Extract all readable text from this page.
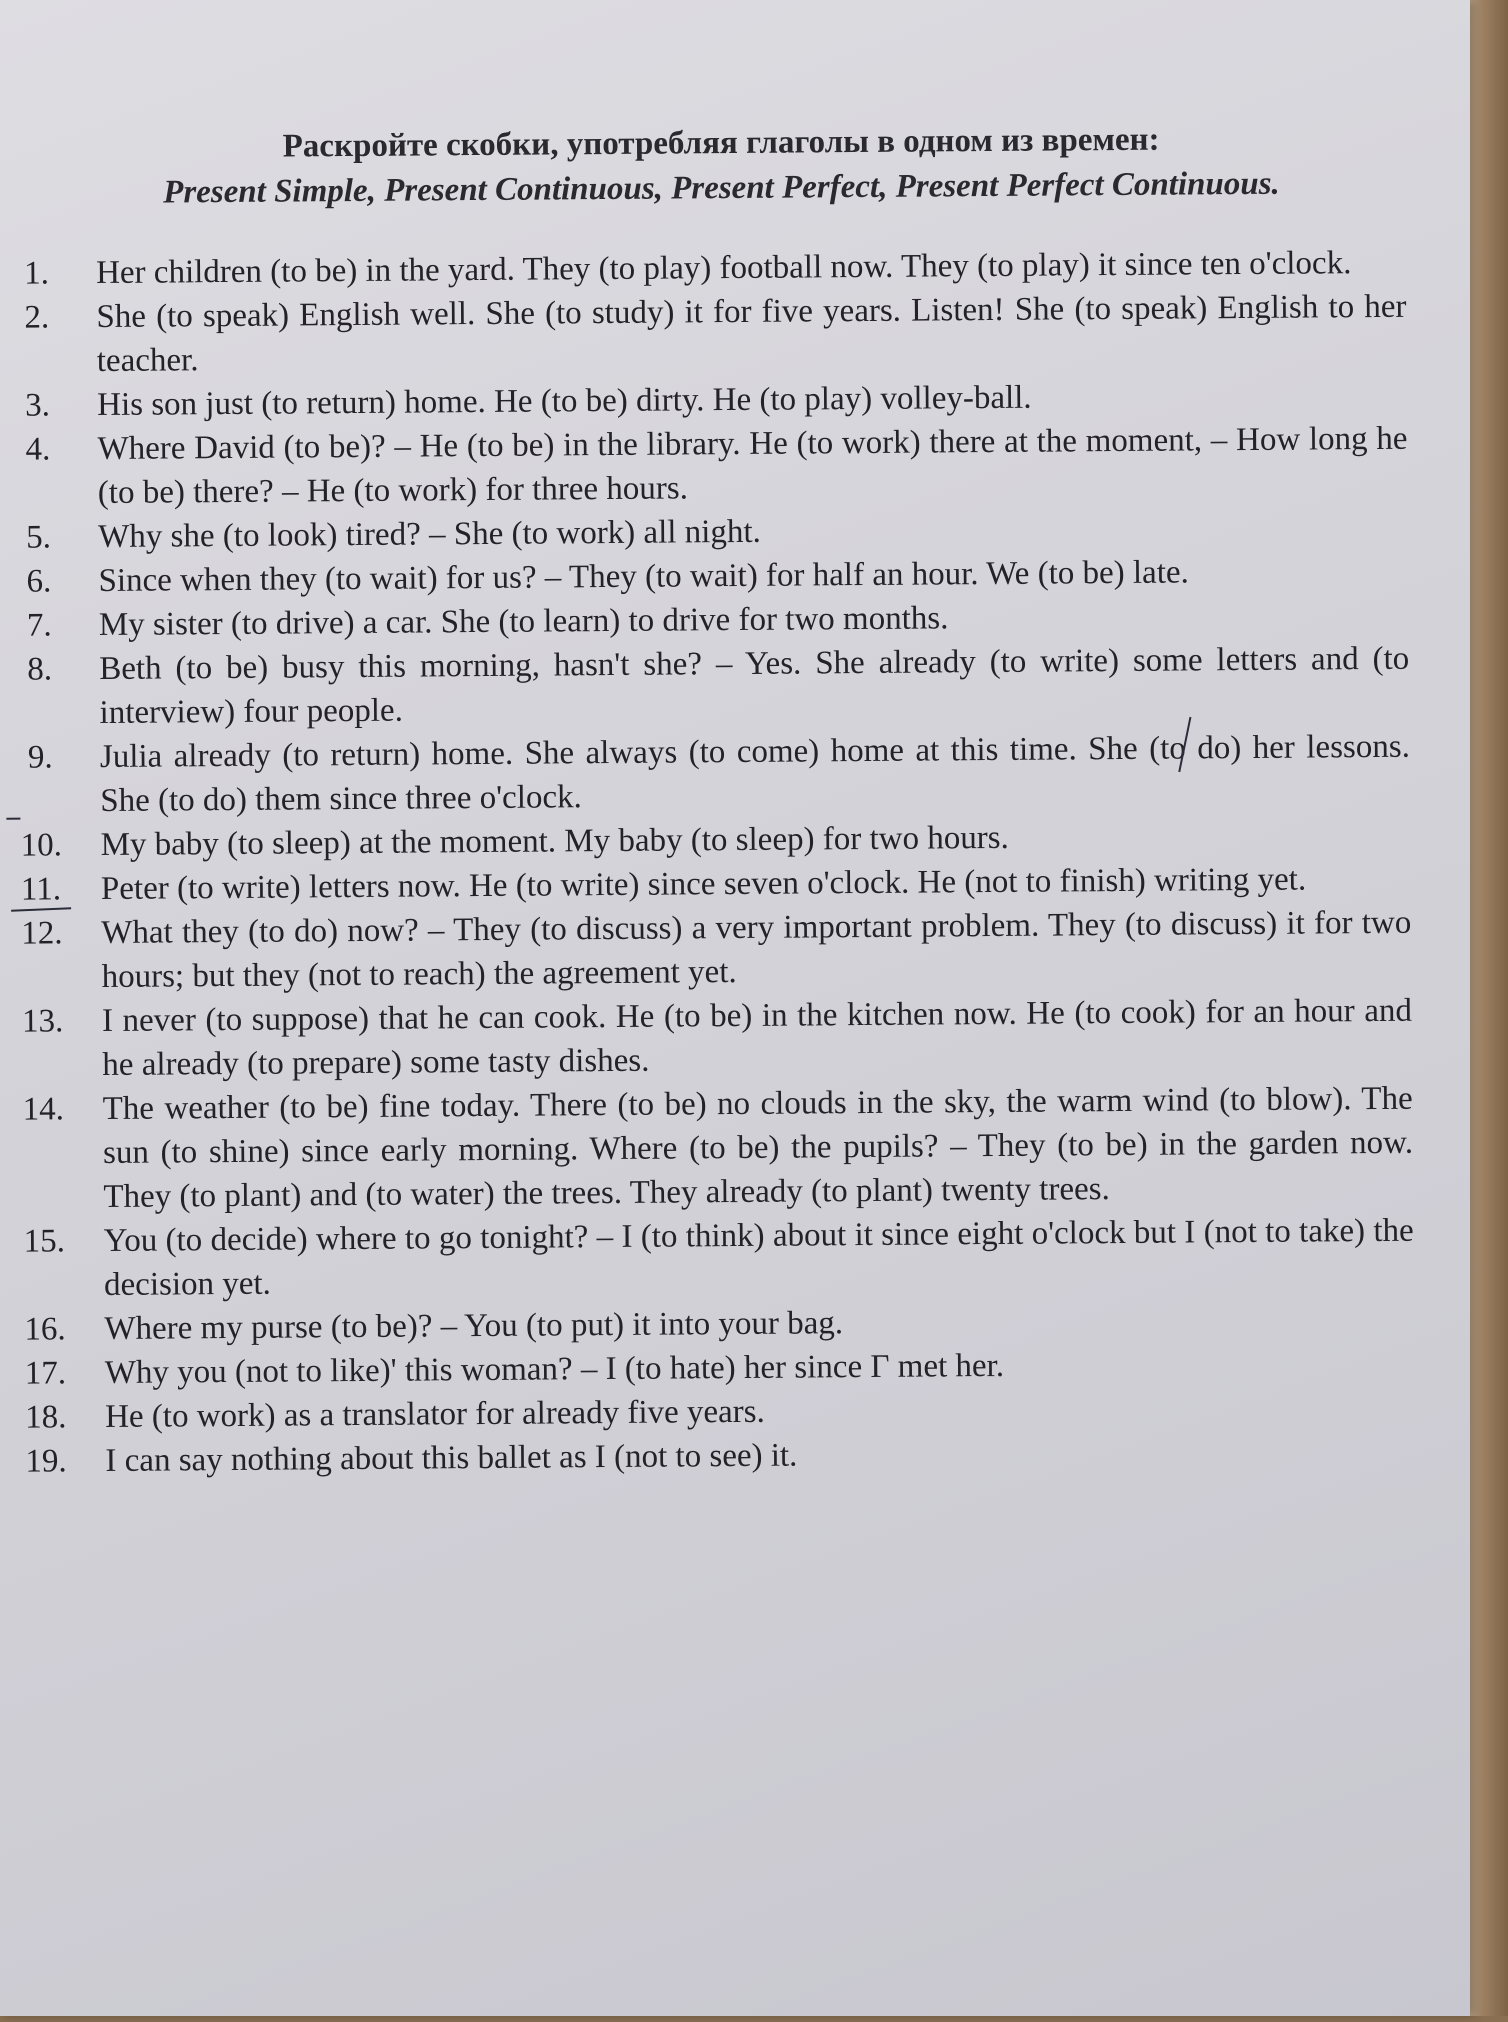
Раскройте скобки, употребляя глаголы в одном из времен:
Present Simple, Present Continuous, Present Perfect, Present Perfect Continuous.
1.	Her children (to be) in the yard. They (to play) football now. They (to play) it since ten o'clock.
2.	She (to speak) English well. She (to study) it for five years. Listen! She (to speak) English to her teacher.
3.	His son just (to return) home. He (to be) dirty. He (to play) volley-ball.
4.	Where David (to be)? – He (to be) in the library. He (to work) there at the moment, – How long he (to be) there? – He (to work) for three hours.
5.	Why she (to look) tired? – She (to work) all night.
6.	Since when they (to wait) for us? – They (to wait) for half an hour. We (to be) late.
7.	My sister (to drive) a car. She (to learn) to drive for two months.
8.	Beth (to be) busy this morning, hasn't she? – Yes. She already (to write) some letters and (to interview) four people.
9.	Julia already (to return) home. She always (to come) home at this time. She (to do) her lessons. She (to do) them since three o'clock.
10.	My baby (to sleep) at the moment. My baby (to sleep) for two hours.
11.	Peter (to write) letters now. He (to write) since seven o'clock. He (not to finish) writing yet.
12.	What they (to do) now? – They (to discuss) a very important problem. They (to discuss) it for two hours; but they (not to reach) the agreement yet.
13.	I never (to suppose) that he can cook. He (to be) in the kitchen now. He (to cook) for an hour and he already (to prepare) some tasty dishes.
14.	The weather (to be) fine today. There (to be) no clouds in the sky, the warm wind (to blow). The sun (to shine) since early morning. Where (to be) the pupils? – They (to be) in the garden now. They (to plant) and (to water) the trees. They already (to plant) twenty trees.
15.	You (to decide) where to go tonight? – I (to think) about it since eight o'clock but I (not to take) the decision yet.
16.	Where my purse (to be)? – You (to put) it into your bag.
17.	Why you (not to like)' this woman? – I (to hate) her since Г met her.
18.	He (to work) as a translator for already five years.
19.	I can say nothing about this ballet as I (not to see) it.
